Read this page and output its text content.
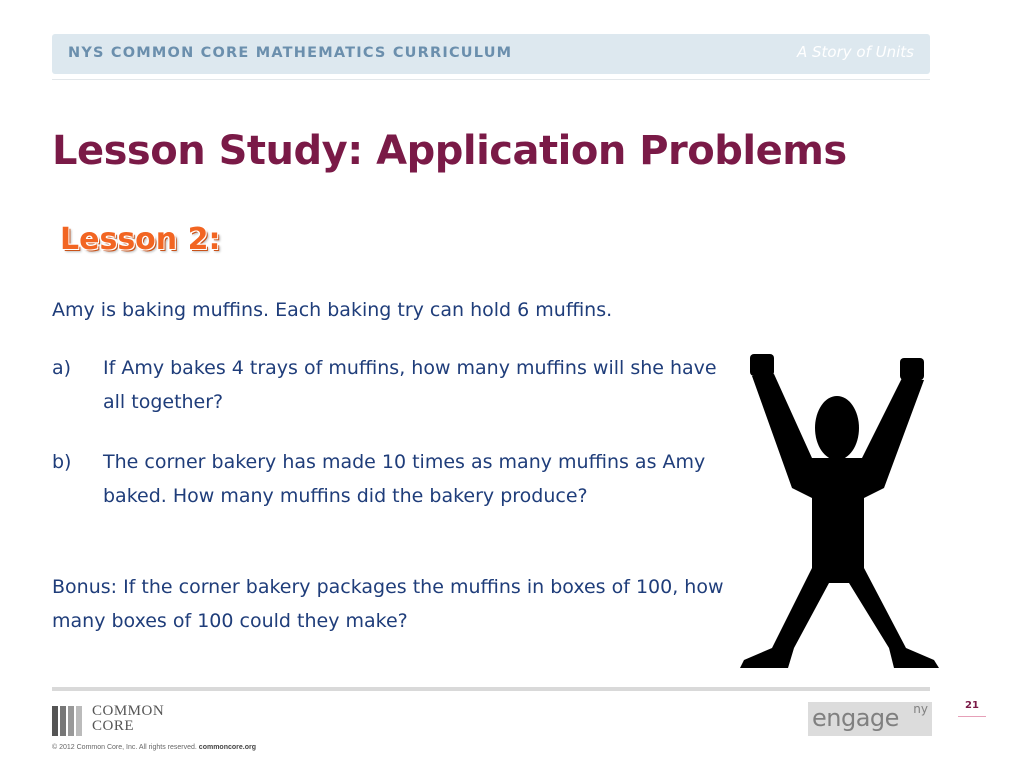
NYS COMMON CORE MATHEMATICS CURRICULUM	A Story of Units
Lesson Study: Application Problems
Lesson 2:
Amy is baking muffins. Each baking try can hold 6 muffins.
a)	If Amy bakes 4 trays of muffins, how many muffins will she have all together?
b)	The corner bakery has made 10 times as many muffins as Amy baked. How many muffins did the bakery produce?
Bonus: If the corner bakery packages the muffins in boxes of 100, how many boxes of 100 could they make?
COMMON
CORE
© 2012 Common Core, Inc. All rights reserved. commoncore.org
engage ny	21
